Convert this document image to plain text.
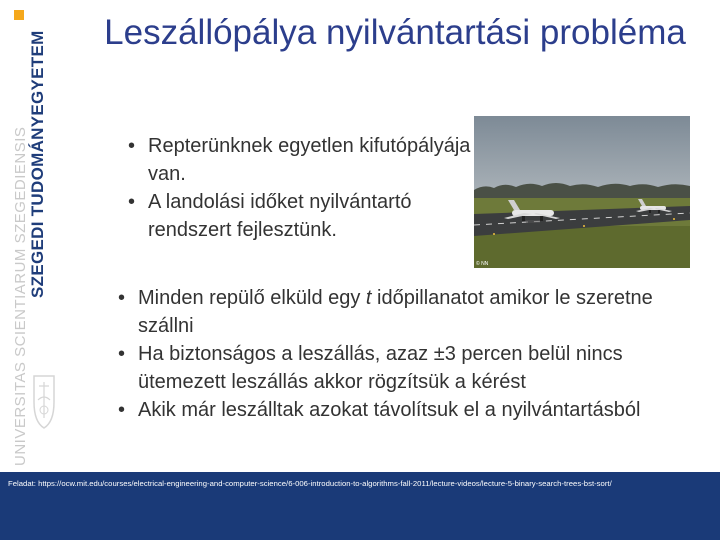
SZEGEDI TUDOMÁNYEGYETEM
UNIVERSITAS SCIENTIARUM SZEGEDIENSIS
Leszállópálya nyilvántartási probléma
• Repterünknek egyetlen kifutópályája van.
• A landolási időket nyilvántartó rendszert fejlesztünk.
© NN
• Minden repülő elküld egy t időpillanatot amikor le szeretne szállni
• Ha biztonságos a leszállás, azaz ±3 percen belül nincs ütemezett leszállás akkor rögzítsük a kérést
• Akik már leszálltak azokat távolítsuk el a nyilvántartásból
Feladat: https://ocw.mit.edu/courses/electrical-engineering-and-computer-science/6-006-introduction-to-algorithms-fall-2011/lecture-videos/lecture-5-binary-search-trees-bst-sort/
